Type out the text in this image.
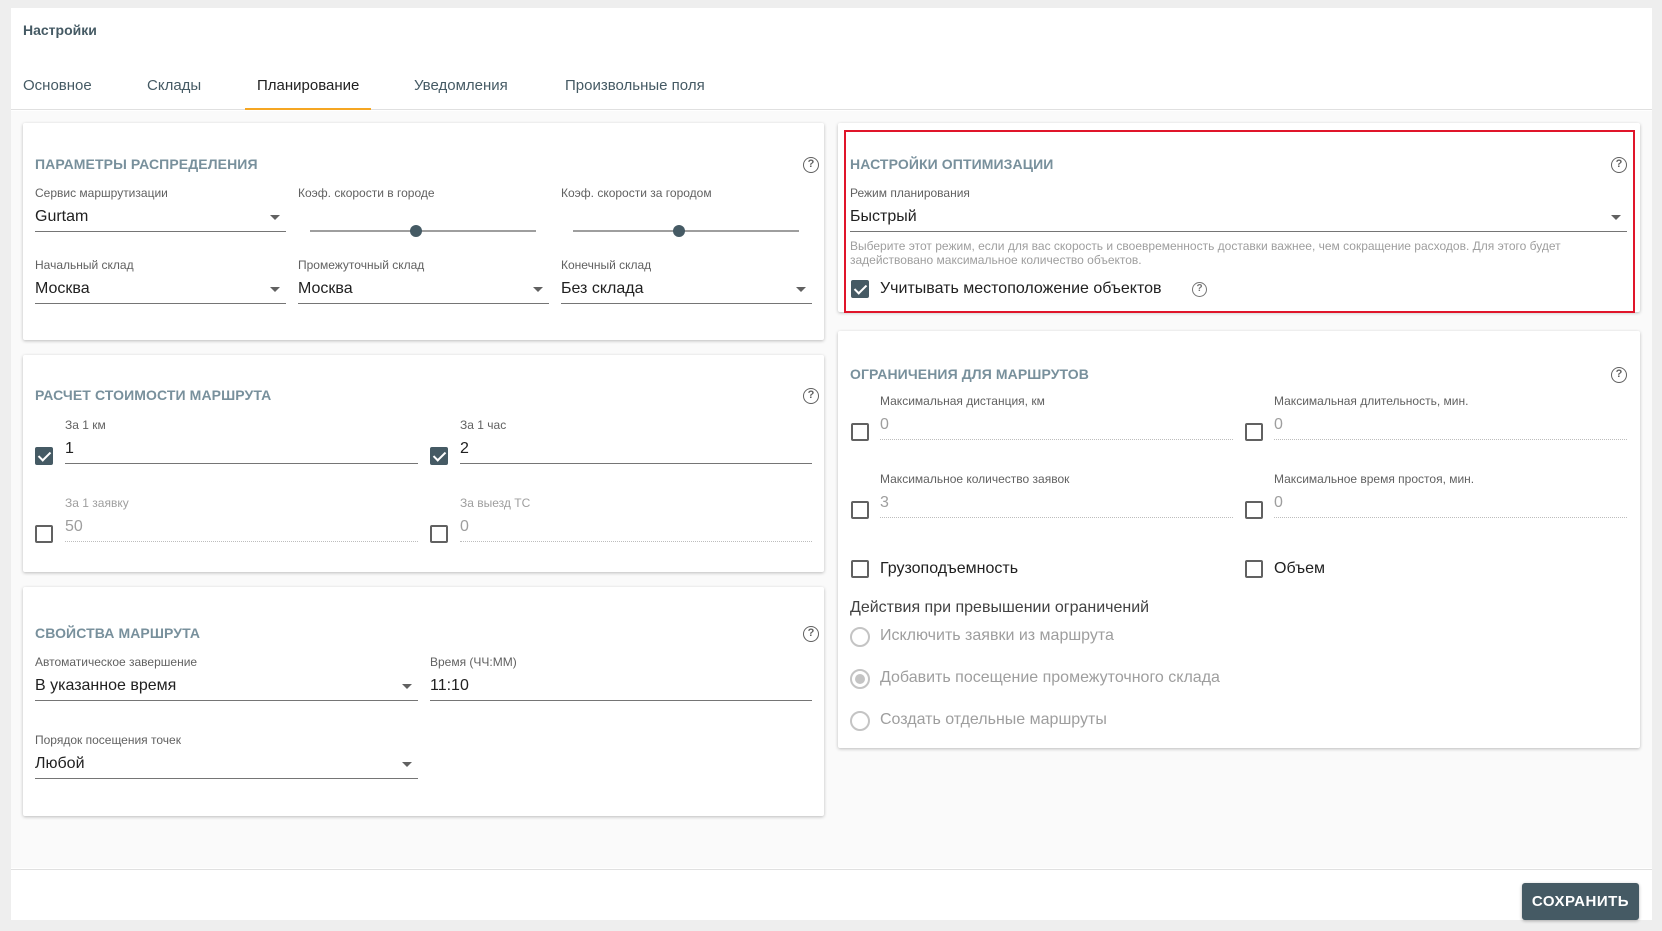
Настройки
Основное	Склады	Планирование	Уведомления	Произвольные поля
ПАРАМЕТРЫ РАСПРЕДЕЛЕНИЯ	?
Сервис маршрутизации
Gurtam
Коэф. скорости в городе	Коэф. скорости за городом
Начальный склад
Москва
Промежуточный склад
Москва
Конечный склад
Без склада
РАСЧЕТ СТОИМОСТИ МАРШРУТА	?
За 1 км
1
За 1 час
2
За 1 заявку
50
За выезд ТС
0
СВОЙСТВА МАРШРУТА	?
Автоматическое завершение
В указанное время
Время (ЧЧ:ММ)
11:10
Порядок посещения точек
Любой
НАСТРОЙКИ ОПТИМИЗАЦИИ	?
Режим планирования
Быстрый
Выберите этот режим, если для вас скорость и своевременность доставки важнее, чем сокращение расходов. Для этого будет задействовано максимальное количество объектов.
Учитывать местоположение объектов	?
ОГРАНИЧЕНИЯ ДЛЯ МАРШРУТОВ	?
Максимальная дистанция, км
0
Максимальная длительность, мин.
0
Максимальное количество заявок
3
Максимальное время простоя, мин.
0
Грузоподъемность	Объем
Действия при превышении ограничений
Исключить заявки из маршрута
Добавить посещение промежуточного склада
Создать отдельные маршруты
СОХРАНИТЬ
